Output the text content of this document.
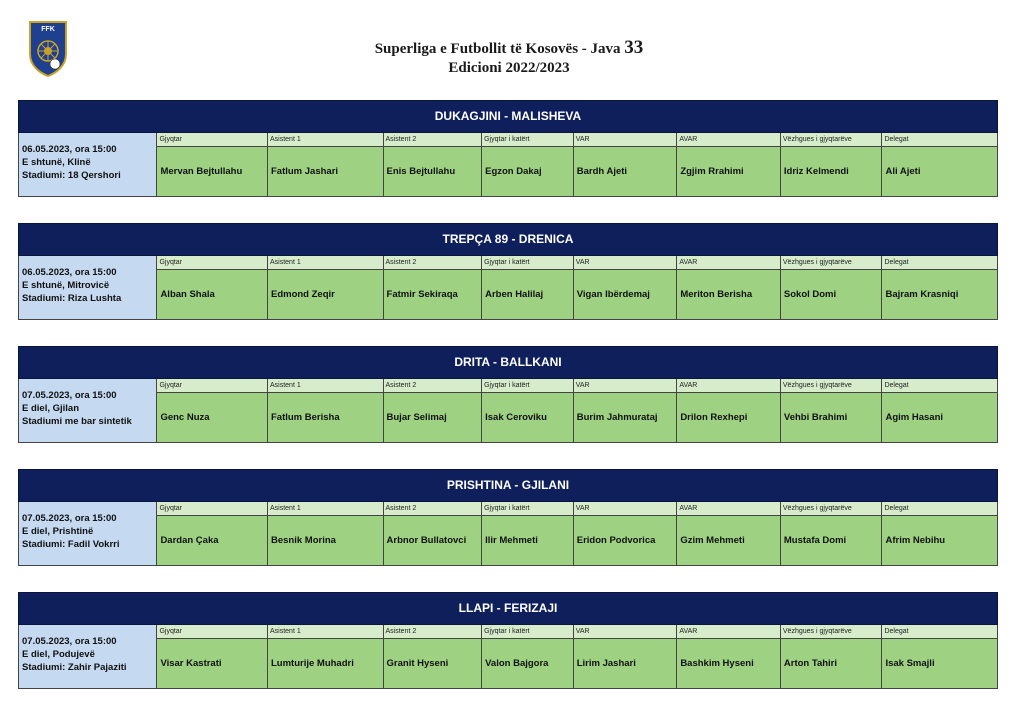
FFK
Superliga e Futbollit të Kosovës - Java 33
Edicioni 2022/2023
DUKAGJINI - MALISHEVA
06.05.2023, ora 15:00
E shtunë, Klinë
Stadiumi: 18 Qershori
Gjyqtar
Mervan Bejtullahu
Asistent 1
Fatlum Jashari
Asistent 2
Enis Bejtullahu
Gjyqtar i katërt
Egzon Dakaj
VAR
Bardh Ajeti
AVAR
Zgjim Rrahimi
Vëzhgues i gjyqtarëve
Idriz Kelmendi
Delegat
Ali Ajeti
TREPÇA 89 - DRENICA
06.05.2023, ora 15:00
E shtunë, Mitrovicë
Stadiumi: Riza Lushta
Gjyqtar
Alban Shala
Asistent 1
Edmond Zeqir
Asistent 2
Fatmir Sekiraqa
Gjyqtar i katërt
Arben Halilaj
VAR
Vigan Ibërdemaj
AVAR
Meriton Berisha
Vëzhgues i gjyqtarëve
Sokol Domi
Delegat
Bajram Krasniqi
DRITA - BALLKANI
07.05.2023, ora 15:00
E diel, Gjilan
Stadiumi me bar sintetik
Gjyqtar
Genc Nuza
Asistent 1
Fatlum Berisha
Asistent 2
Bujar Selimaj
Gjyqtar i katërt
Isak Ceroviku
VAR
Burim Jahmurataj
AVAR
Drilon Rexhepi
Vëzhgues i gjyqtarëve
Vehbi Brahimi
Delegat
Agim Hasani
PRISHTINA - GJILANI
07.05.2023, ora 15:00
E diel, Prishtinë
Stadiumi: Fadil Vokrri
Gjyqtar
Dardan Çaka
Asistent 1
Besnik Morina
Asistent 2
Arbnor Bullatovci
Gjyqtar i katërt
Ilir Mehmeti
VAR
Eridon Podvorica
AVAR
Gzim Mehmeti
Vëzhgues i gjyqtarëve
Mustafa Domi
Delegat
Afrim Nebihu
LLAPI - FERIZAJI
07.05.2023, ora 15:00
E diel, Podujevë
Stadiumi: Zahir Pajaziti
Gjyqtar
Visar Kastrati
Asistent 1
Lumturije Muhadri
Asistent 2
Granit Hyseni
Gjyqtar i katërt
Valon Bajgora
VAR
Lirim Jashari
AVAR
Bashkim Hyseni
Vëzhgues i gjyqtarëve
Arton Tahiri
Delegat
Isak Smajli
